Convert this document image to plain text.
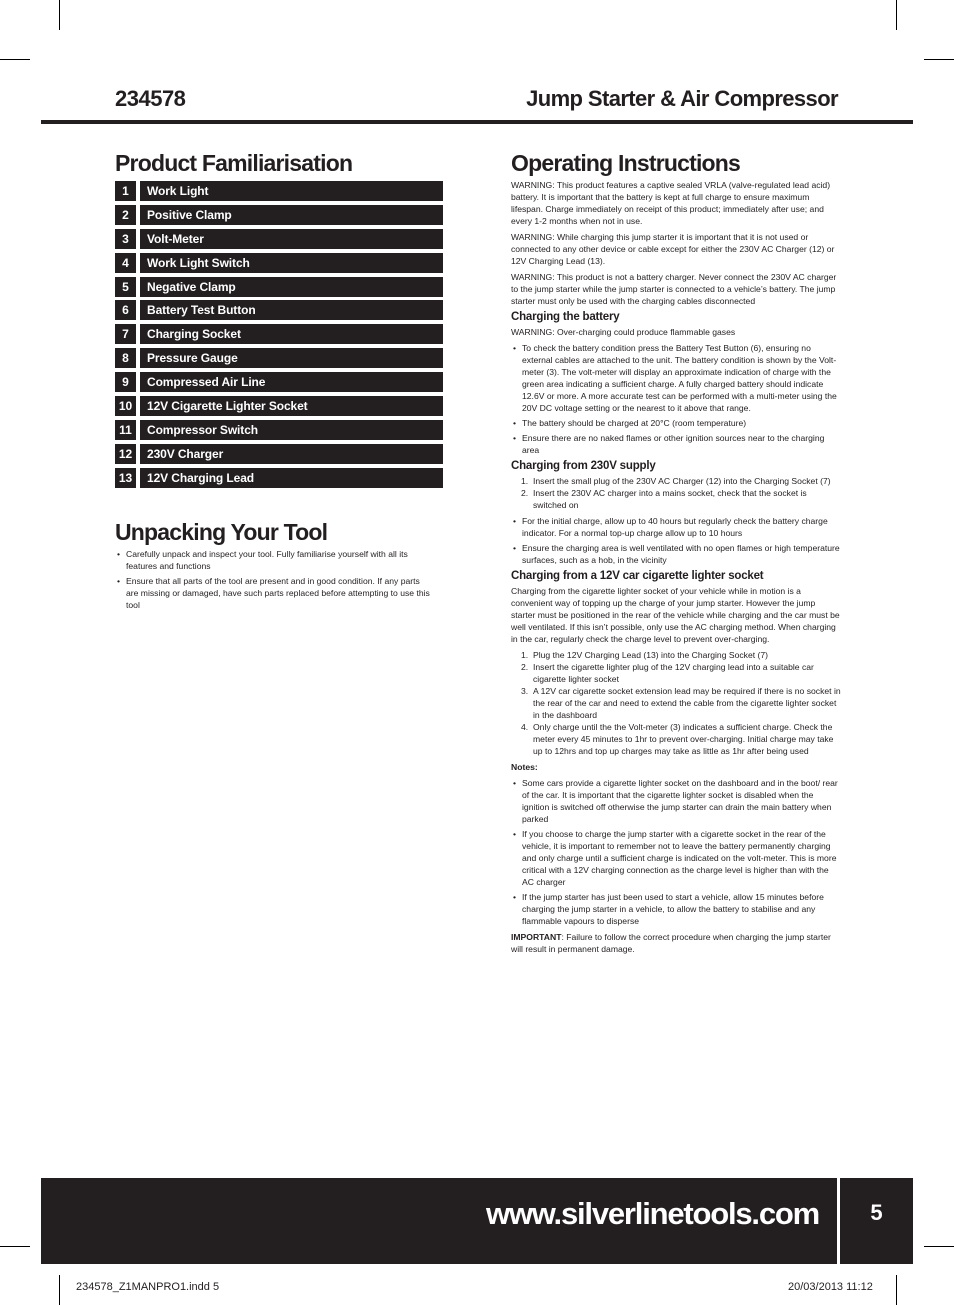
234578	Jump Starter & Air Compressor
Product Familiarisation
1	Work Light
2	Positive Clamp
3	Volt-Meter
4	Work Light Switch
5	Negative Clamp
6	Battery Test Button
7	Charging Socket
8	Pressure Gauge
9	Compressed Air Line
10	12V Cigarette Lighter Socket
11	Compressor Switch
12	230V Charger
13	12V Charging Lead
Unpacking Your Tool
• Carefully unpack and inspect your tool. Fully familiarise yourself with all its features and functions
• Ensure that all parts of the tool are present and in good condition. If any parts are missing or damaged, have such parts replaced before attempting to use this tool
Operating Instructions

WARNING: This product features a captive sealed VRLA (valve-regulated lead acid) battery. It is important that the battery is kept at full charge to ensure maximum lifespan. Charge immediately on receipt of this product; immediately after use; and every 1-2 months when not in use.

WARNING: While charging this jump starter it is important that it is not used or connected to any other device or cable except for either the 230V AC Charger (12) or 12V Charging Lead (13).

WARNING: This product is not a battery charger. Never connect the 230V AC charger to the jump starter while the jump starter is connected to a vehicle’s battery. The jump starter must only be used with the charging cables disconnected

Charging the battery

WARNING: Over-charging could produce flammable gases

• To check the battery condition press the Battery Test Button (6), ensuring no external cables are attached to the unit. The battery condition is shown by the Volt-meter (3). The volt-meter will display an approximate indication of charge with the green area indicating a sufficient charge. A fully charged battery should indicate 12.6V or more. A more accurate test can be performed with a multi-meter using the 20V DC voltage setting or the nearest to it above that range.
• The battery should be charged at 20°C (room temperature)
• Ensure there are no naked flames or other ignition sources near to the charging area
Charging from 230V supply
1. Insert the small plug of the 230V AC Charger (12) into the Charging Socket (7)
2. Insert the 230V AC charger into a mains socket, check that the socket is switched on
• For the initial charge, allow up to 40 hours but regularly check the battery charge indicator. For a normal top-up charge allow up to 10 hours
• Ensure the charging area is well ventilated with no open flames or high temperature surfaces, such as a hob, in the vicinity
Charging from a 12V car cigarette lighter socket

Charging from the cigarette lighter socket of your vehicle while in motion is a convenient way of topping up the charge of your jump starter. However the jump starter must be positioned in the rear of the vehicle while charging and the car must be well ventilated. If this isn’t possible, only use the AC charging method. When charging in the car, regularly check the charge level to prevent over-charging.

1. Plug the 12V Charging Lead (13) into the Charging Socket (7)
2. Insert the cigarette lighter plug of the 12V charging lead into a suitable car cigarette lighter socket
3. A 12V car cigarette socket extension lead may be required if there is no socket in the rear of the car and need to extend the cable from the cigarette lighter socket in the dashboard
4. Only charge until the the Volt-meter (3) indicates a sufficient charge. Check the meter every 45 minutes to 1hr to prevent over-charging. Initial charge may take up to 12hrs and top up charges may take as little as 1hr after being used
Notes:
• Some cars provide a cigarette lighter socket on the dashboard and in the boot/ rear of the car. It is important that the cigarette lighter socket is disabled when the ignition is switched off otherwise the jump starter can drain the main battery when parked
• If you choose to charge the jump starter with a cigarette socket in the rear of the vehicle, it is important to remember not to leave the battery permanently charging and only charge until a sufficient charge is indicated on the volt-meter. This is more critical with a 12V charging connection as the charge level is higher than with the AC charger
• If the jump starter has just been used to start a vehicle, allow 15 minutes before charging the jump starter in a vehicle, to allow the battery to stabilise and any flammable vapours to disperse

IMPORTANT: Failure to follow the correct procedure when charging the jump starter will result in permanent damage.

www.silverlinetools.com	5
234578_Z1MANPRO1.indd 5	20/03/2013 11:12
